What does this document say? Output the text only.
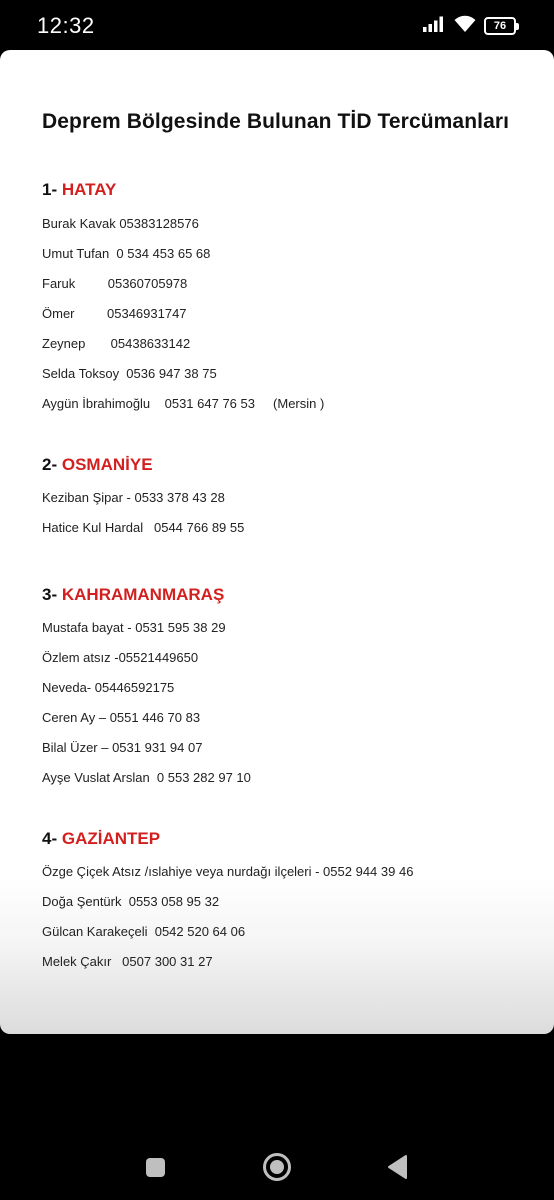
12:32	76
Deprem Bölgesinde Bulunan TİD Tercümanları
1- HATAY
Burak Kavak 05383128576
Umut Tufan  0 534 453 65 68
Faruk         05360705978
Ömer         05346931747
Zeynep       05438633142
Selda Toksoy  0536 947 38 75
Aygün İbrahimoğlu    0531 647 76 53     (Mersin )
2- OSMANİYE
Keziban Şipar - 0533 378 43 28
Hatice Kul Hardal   0544 766 89 55
3- KAHRAMANMARAŞ
Mustafa bayat - 0531 595 38 29
Özlem atsız -05521449650
Neveda- 05446592175
Ceren Ay – 0551 446 70 83
Bilal Üzer – 0531 931 94 07
Ayşe Vuslat Arslan  0 553 282 97 10
4- GAZİANTEP
Özge Çiçek Atsız /ıslahiye veya nurdağı ilçeleri - 0552 944 39 46
Doğa Şentürk  0553 058 95 32
Gülcan Karakeçeli  0542 520 64 06
Melek Çakır   0507 300 31 27
